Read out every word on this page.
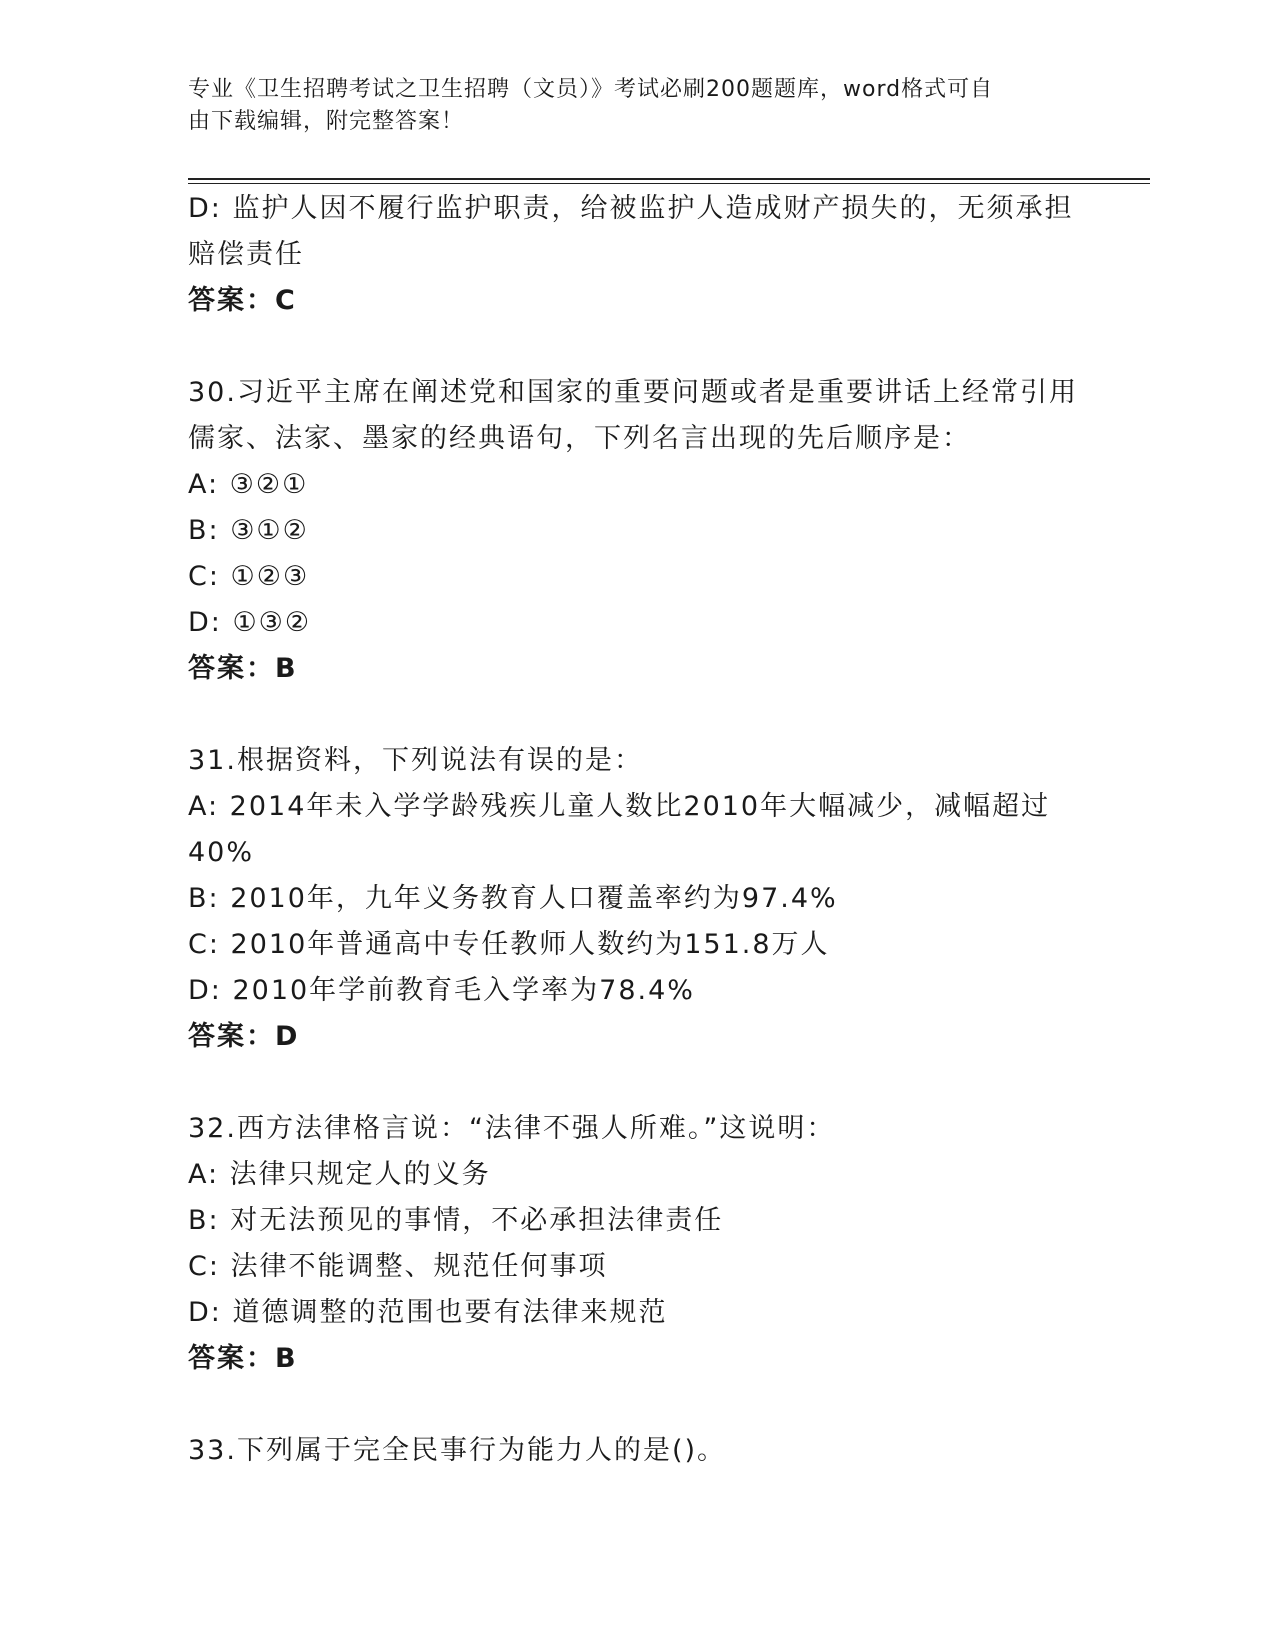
专业《卫生招聘考试之卫生招聘（文员）》考试必刷200题题库，word格式可自
由下载编辑，附完整答案！
D: 监护人因不履行监护职责，给被监护人造成财产损失的，无须承担
赔偿责任
答案：C
30.习近平主席在阐述党和国家的重要问题或者是重要讲话上经常引用
儒家、法家、墨家的经典语句，下列名言出现的先后顺序是：
A: ③②①
B: ③①②
C: ①②③
D: ①③②
答案：B
31.根据资料，下列说法有误的是：
A: 2014年未入学学龄残疾儿童人数比2010年大幅减少，减幅超过
40%
B: 2010年，九年义务教育人口覆盖率约为97.4%
C: 2010年普通高中专任教师人数约为151.8万人
D: 2010年学前教育毛入学率为78.4%
答案：D
32.西方法律格言说：“法律不强人所难。”这说明：
A: 法律只规定人的义务
B: 对无法预见的事情，不必承担法律责任
C: 法律不能调整、规范任何事项
D: 道德调整的范围也要有法律来规范
答案：B
33.下列属于完全民事行为能力人的是()。
